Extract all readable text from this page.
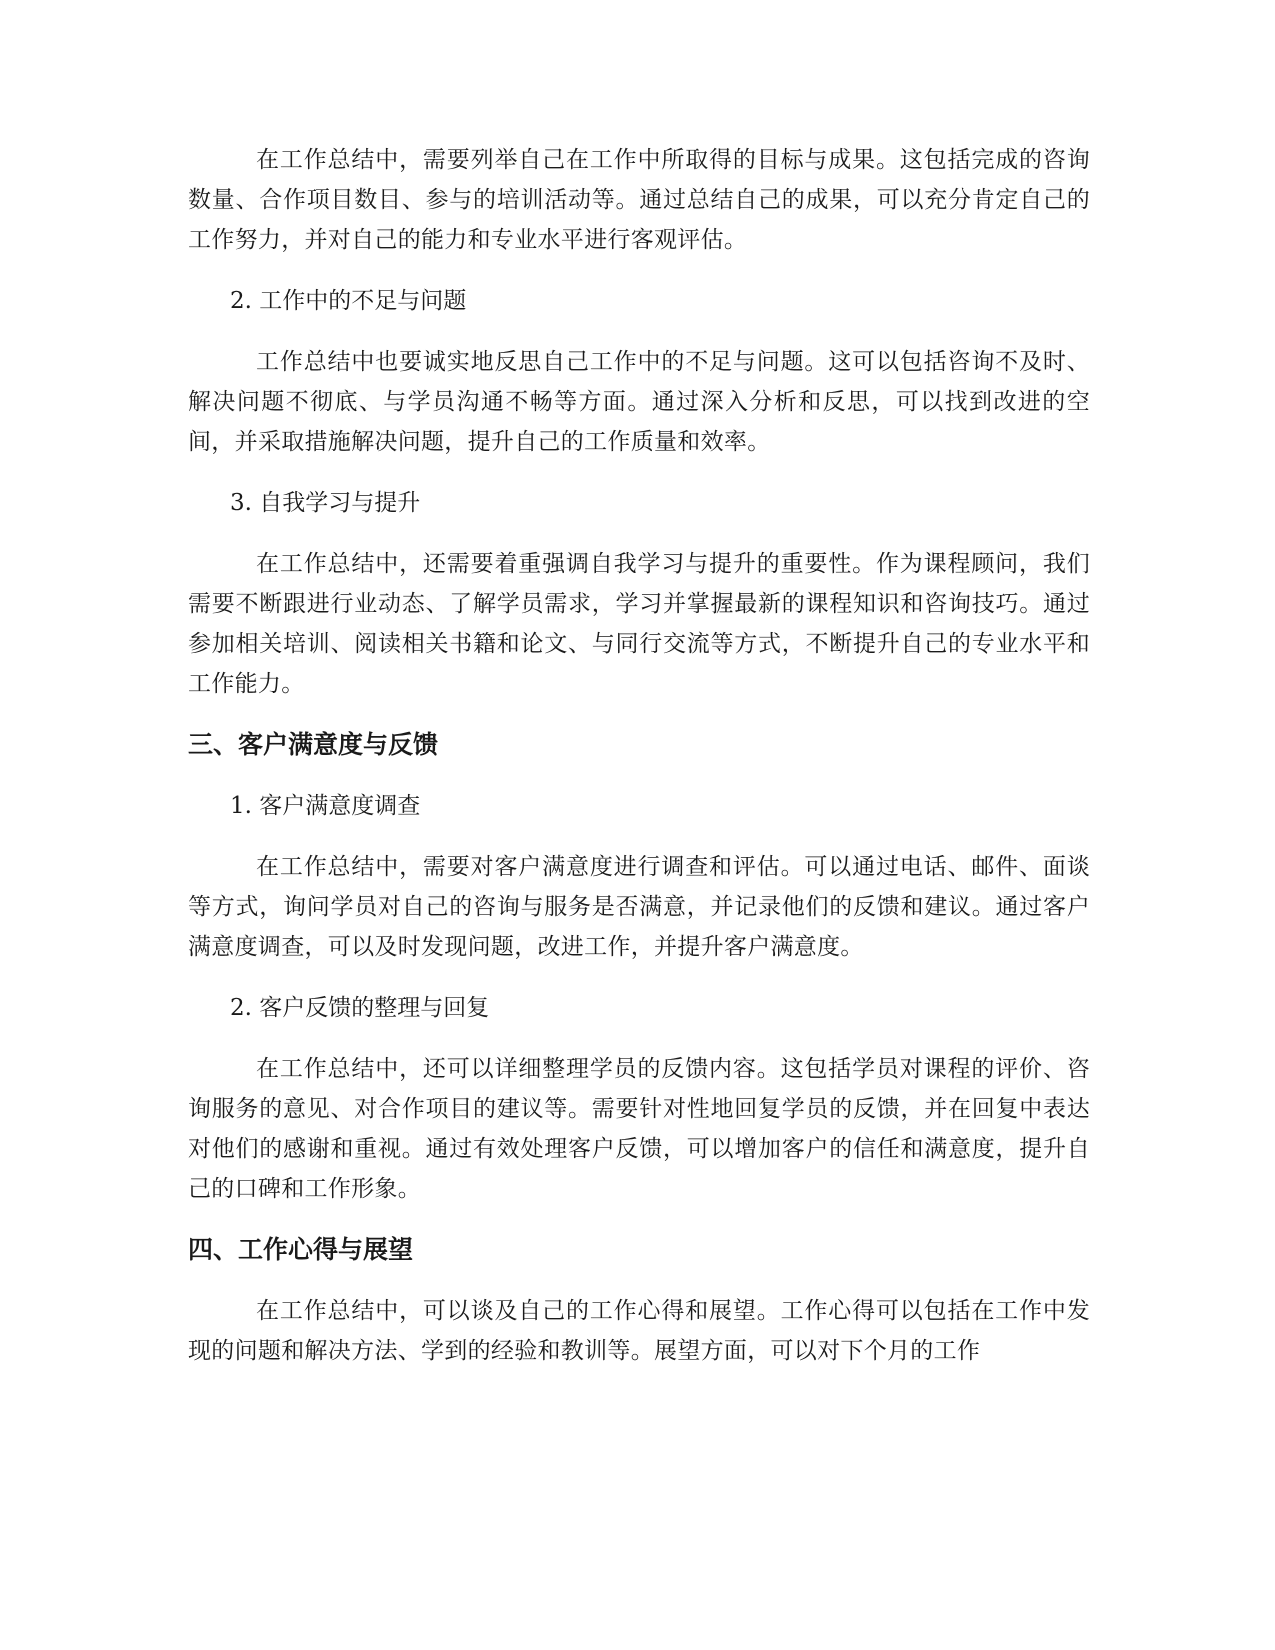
在工作总结中，需要列举自己在工作中所取得的目标与成果。这包括完成的咨询数量、合作项目数目、参与的培训活动等。通过总结自己的成果，可以充分肯定自己的工作努力，并对自己的能力和专业水平进行客观评估。

2. 工作中的不足与问题

工作总结中也要诚实地反思自己工作中的不足与问题。这可以包括咨询不及时、解决问题不彻底、与学员沟通不畅等方面。通过深入分析和反思，可以找到改进的空间，并采取措施解决问题，提升自己的工作质量和效率。

3. 自我学习与提升

在工作总结中，还需要着重强调自我学习与提升的重要性。作为课程顾问，我们需要不断跟进行业动态、了解学员需求，学习并掌握最新的课程知识和咨询技巧。通过参加相关培训、阅读相关书籍和论文、与同行交流等方式，不断提升自己的专业水平和工作能力。

三、客户满意度与反馈

1. 客户满意度调查

在工作总结中，需要对客户满意度进行调查和评估。可以通过电话、邮件、面谈等方式，询问学员对自己的咨询与服务是否满意，并记录他们的反馈和建议。通过客户满意度调查，可以及时发现问题，改进工作，并提升客户满意度。

2. 客户反馈的整理与回复

在工作总结中，还可以详细整理学员的反馈内容。这包括学员对课程的评价、咨询服务的意见、对合作项目的建议等。需要针对性地回复学员的反馈，并在回复中表达对他们的感谢和重视。通过有效处理客户反馈，可以增加客户的信任和满意度，提升自己的口碑和工作形象。

四、工作心得与展望

在工作总结中，可以谈及自己的工作心得和展望。工作心得可以包括在工作中发现的问题和解决方法、学到的经验和教训等。展望方面，可以对下个月的工作
